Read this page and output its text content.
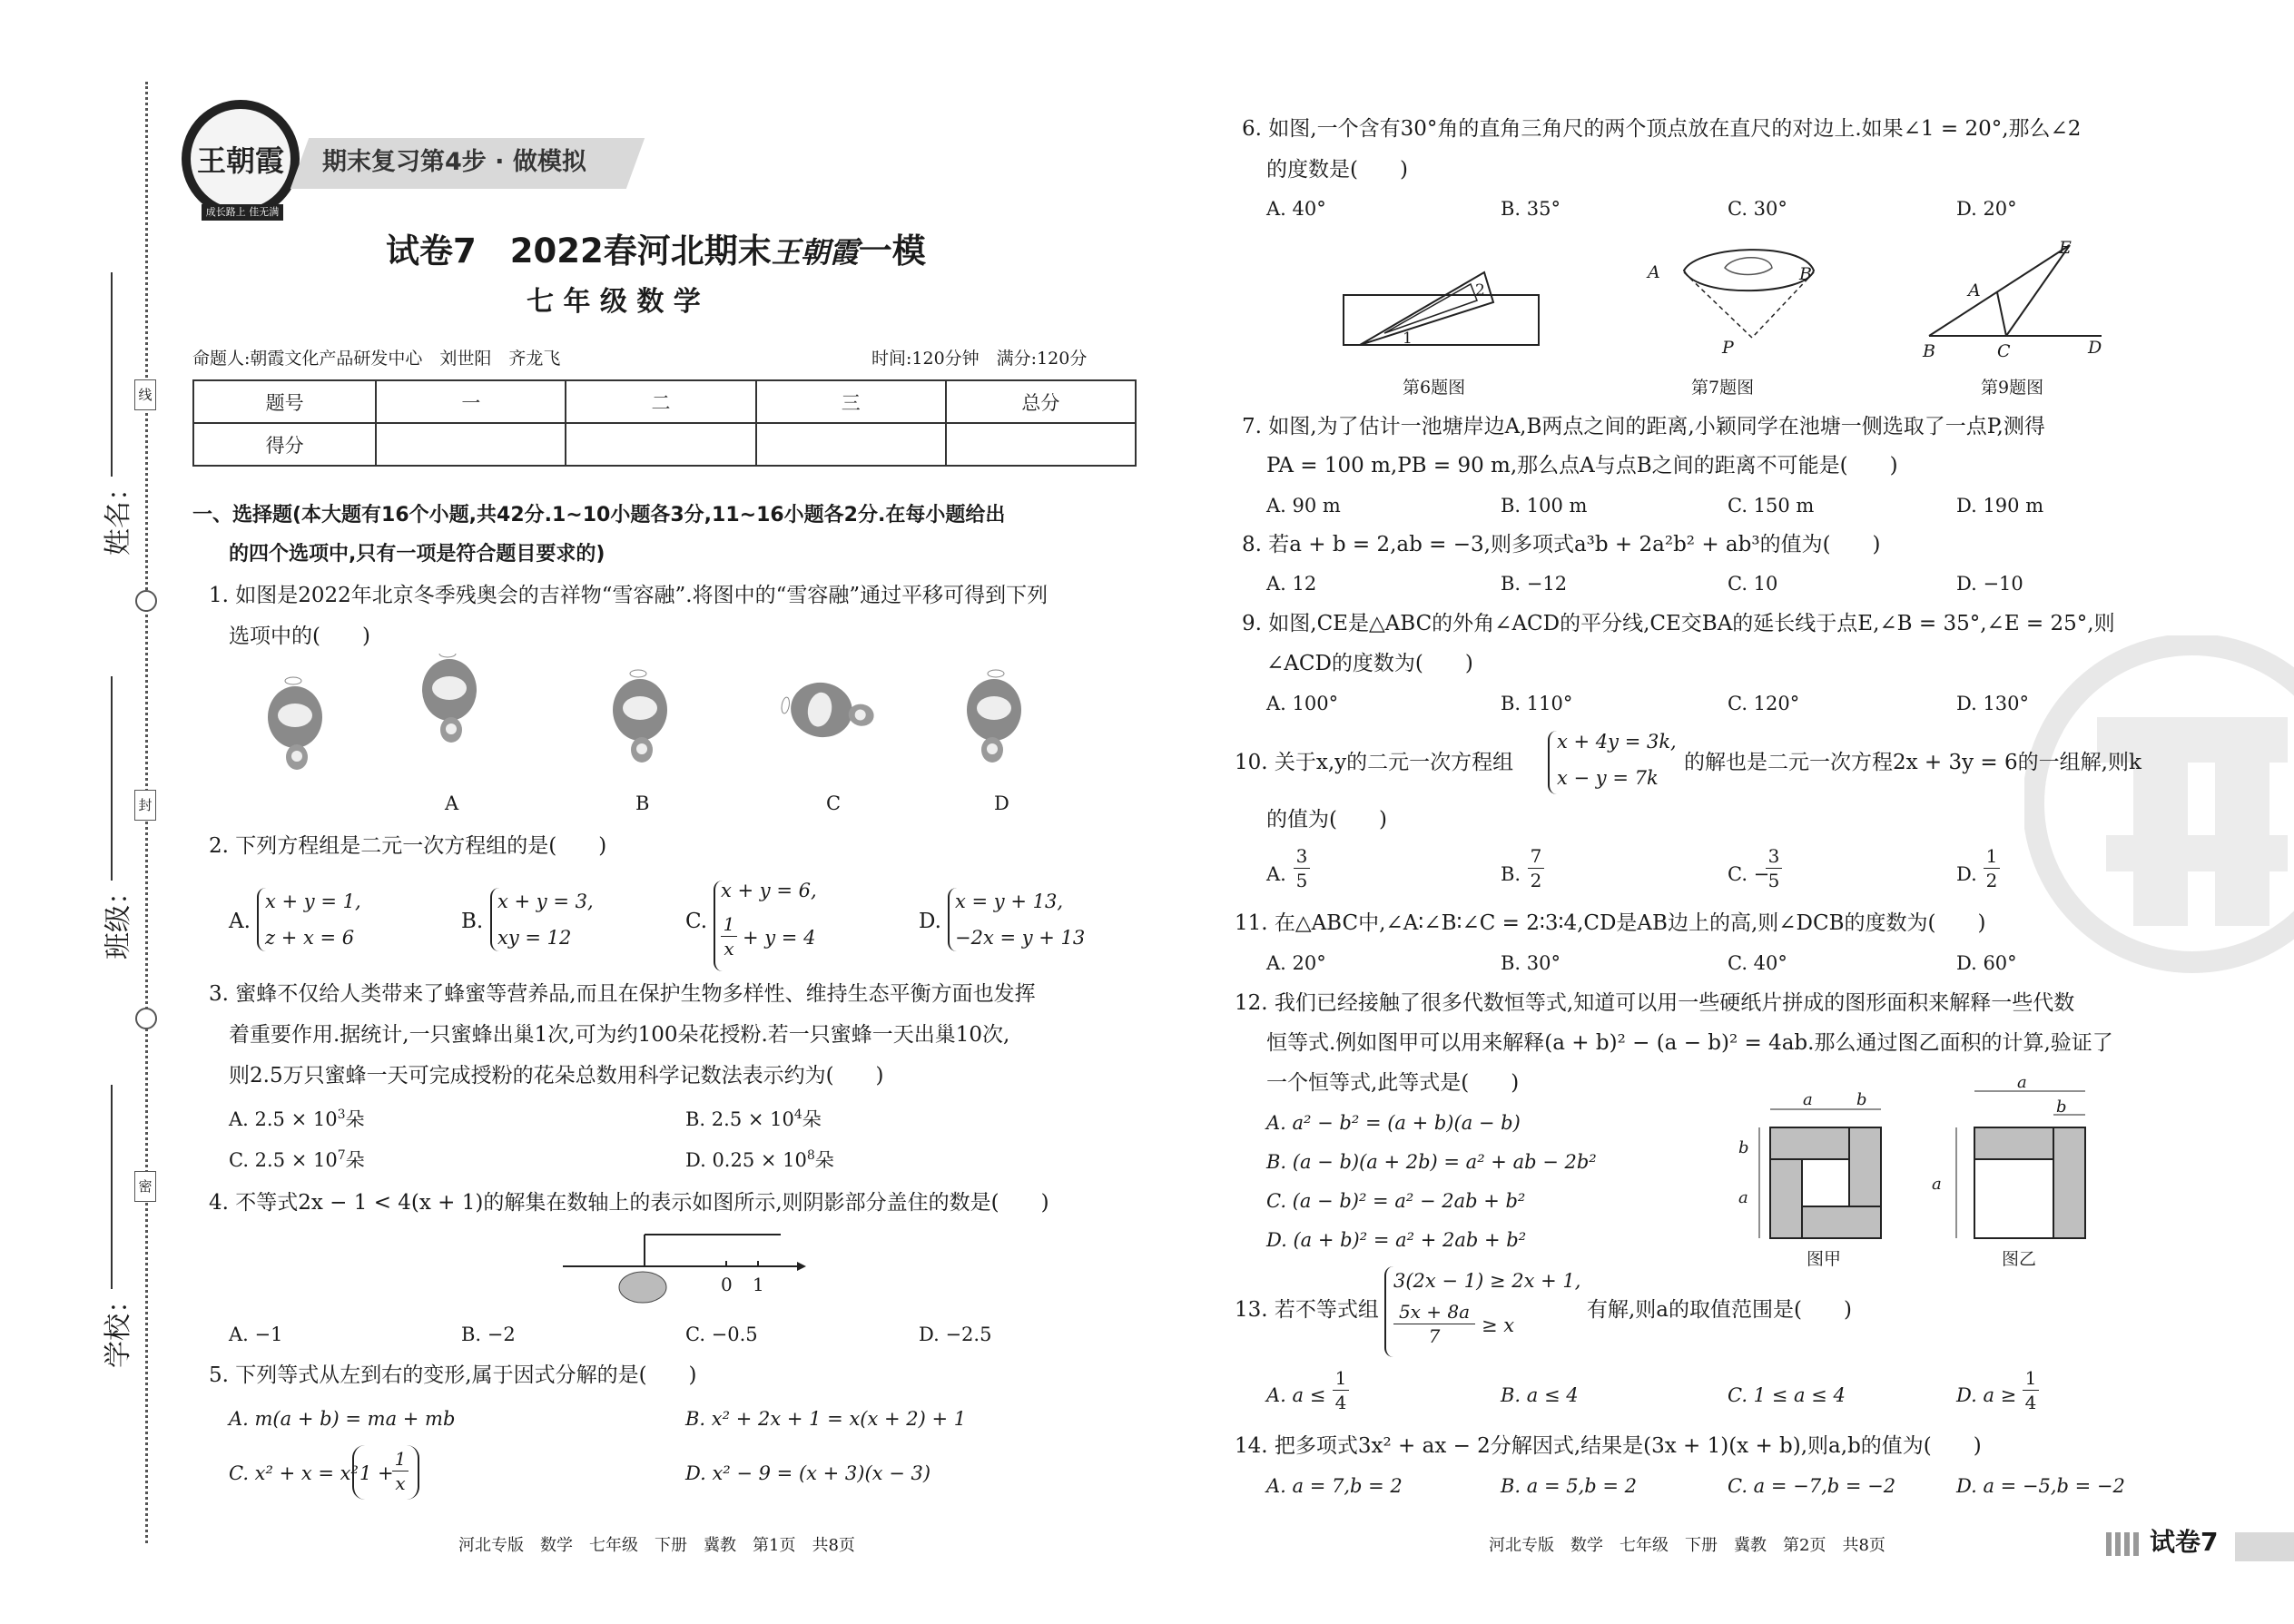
线
封
密
姓名：
班级：
学校：
王朝霞
成长路上 佳无满天
期末复习第4步 · 做模拟
试卷7　2022春河北期末王朝霞一模
七 年 级 数 学
命题人:朝霞文化产品研发中心　刘世阳　齐龙飞	时间:120分钟　满分:120分
题号	一	二	三	总分
得分				
一、选择题(本大题有16个小题,共42分.1~10小题各3分,11~16小题各2分.在每小题给出
的四个选项中,只有一项是符合题目要求的)
1. 如图是2022年北京冬季残奥会的吉祥物“雪容融”.将图中的“雪容融”通过平移可得到下列
选项中的(　　)
A	B	C	D
2. 下列方程组是二元一次方程组的是(　　)
A.
x + y = 1,
z + x = 6
B.
x + y = 3,
xy = 12
C.
x + y = 6,
$\frac{1}{x} + y = 4$
D.
x = y + 13,
−2x = y + 13
3. 蜜蜂不仅给人类带来了蜂蜜等营养品,而且在保护生物多样性、维持生态平衡方面也发挥
着重要作用.据统计,一只蜜蜂出巢1次,可为约100朵花授粉.若一只蜜蜂一天出巢10次,
则2.5万只蜜蜂一天可完成授粉的花朵总数用科学记数法表示约为(　　)
A. $2.5 \times 10^3$朵	B. $2.5 \times 10^4$朵
C. $2.5 \times 10^7$朵	D. $0.25 \times 10^8$朵
4. 不等式2x − 1 < 4(x + 1)的解集在数轴上的表示如图所示,则阴影部分盖住的数是(　　)
0 1
A. −1	B. −2	C. −0.5	D. −2.5
5. 下列等式从左到右的变形,属于因式分解的是(　　)
A. m(a + b) = ma + mb	B. x² + 2x + 1 = x(x + 2) + 1
C. x² + x = x² 1 +
$\frac{1}{x}$	D. x² − 9 = (x + 3)(x − 3)
河北专版　数学　七年级　下册　冀教　第1页　共8页
6. 如图,一个含有30°角的直角三角尺的两个顶点放在直尺的对边上.如果∠1 = 20°,那么∠2
的度数是(　　)
A. 40°	B. 35°	C. 30°	D. 20°
1
2
第6题图
A	B
P
第7题图
E
A
B	C	D
第9题图
7. 如图,为了估计一池塘岸边A,B两点之间的距离,小颖同学在池塘一侧选取了一点P,测得
PA = 100 m,PB = 90 m,那么点A与点B之间的距离不可能是(　　)
A. 90 m	B. 100 m	C. 150 m	D. 190 m
8. 若a + b = 2,ab = −3,则多项式a³b + 2a²b² + ab³的值为(　　)
A. 12	B. −12	C. 10	D. −10
9. 如图,CE是△ABC的外角∠ACD的平分线,CE交BA的延长线于点E,∠B = 35°,∠E = 25°,则
∠ACD的度数为(　　)
A. 100°	B. 110°	C. 120°	D. 130°
10. 关于x,y的二元一次方程组
x + 4y = 3k,
x − y = 7k
的解也是二元一次方程2x + 3y = 6的一组解,则k
的值为(　　)
A. $\frac{3}{5}$	B. $\frac{7}{2}$	C. −
$\frac{3}{5}$	D. $\frac{1}{2}$
11. 在△ABC中,∠A∶∠B∶∠C = 2∶3∶4,CD是AB边上的高,则∠DCB的度数为(　　)
A. 20°	B. 30°	C. 40°	D. 60°
12. 我们已经接触了很多代数恒等式,知道可以用一些硬纸片拼成的图形面积来解释一些代数
恒等式.例如图甲可以用来解释(a + b)² − (a − b)² = 4ab.那么通过图乙面积的计算,验证了
一个恒等式,此等式是(　　)
A. a² − b² = (a + b)(a − b)
B. (a − b)(a + 2b) = a² + ab − 2b²
C. (a − b)² = a² − 2ab + b²
D. (a + b)² = a² + 2ab + b²
a	b
b
a
图甲
a
b
a
图乙
13. 若不等式组
3(2x − 1) ≥ 2x + 1,
$\frac{5x + 8a}{7} \ge x$
有解,则a的取值范围是(　　)
A. $a \le \frac{1}{4}$	B. a ≤ 4	C. 1 ≤ a ≤ 4	D. $a \ge \frac{1}{4}$
14. 把多项式3x² + ax − 2分解因式,结果是(3x + 1)(x + b),则a,b的值为(　　)
A. a = 7,b = 2	B. a = 5,b = 2	C. a = −7,b = −2	D. a = −5,b = −2
河北专版　数学　七年级　下册　冀教　第2页　共8页	试卷7
